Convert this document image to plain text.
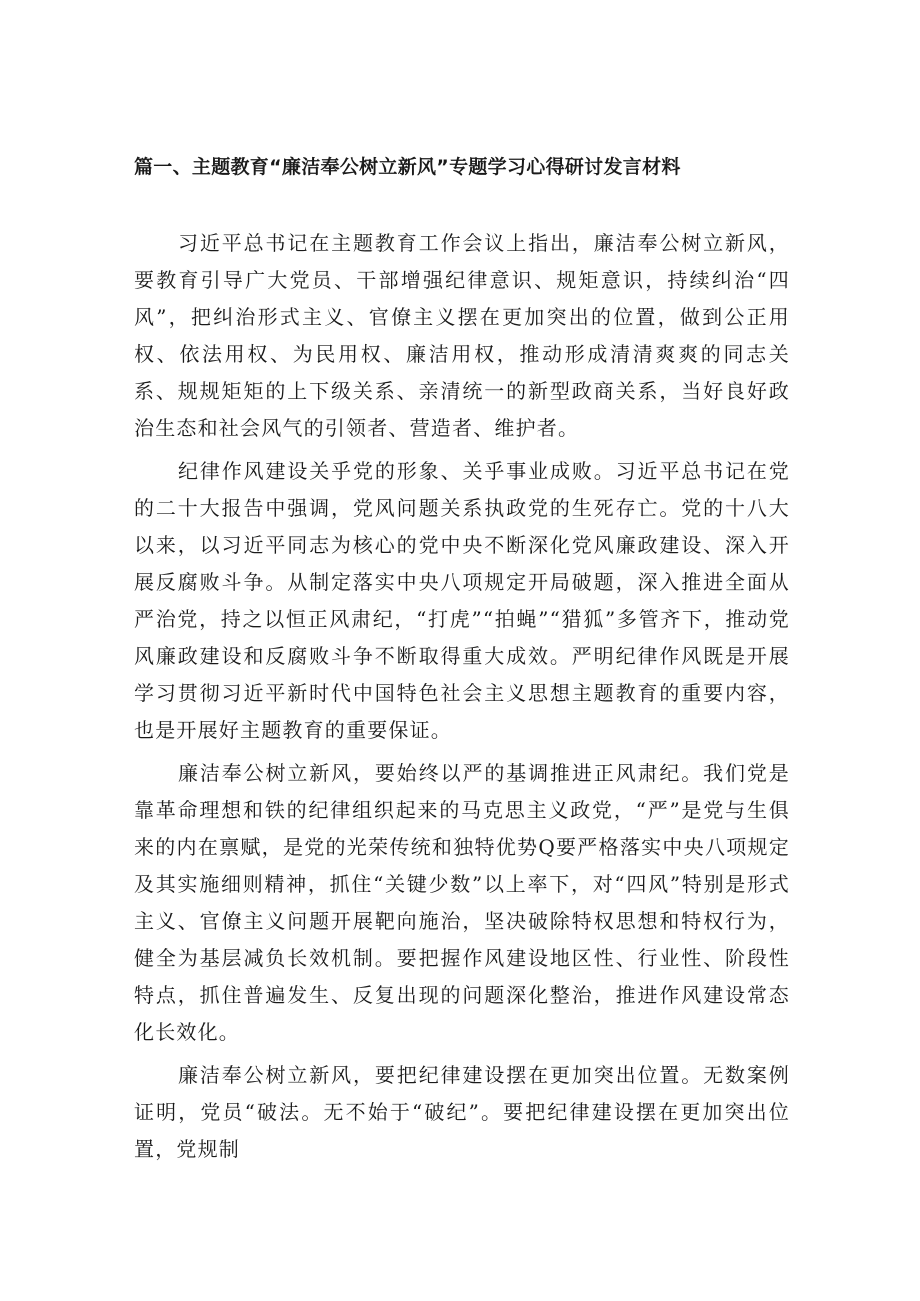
篇一、主题教育“廉洁奉公树立新风”专题学习心得研讨发言材料

习近平总书记在主题教育工作会议上指出，廉洁奉公树立新风，要教育引导广大党员、干部增强纪律意识、规矩意识，持续纠治“四风”，把纠治形式主义、官僚主义摆在更加突出的位置，做到公正用权、依法用权、为民用权、廉洁用权，推动形成清清爽爽的同志关系、规规矩矩的上下级关系、亲清统一的新型政商关系，当好良好政治生态和社会风气的引领者、营造者、维护者。

纪律作风建设关乎党的形象、关乎事业成败。习近平总书记在党的二十大报告中强调，党风问题关系执政党的生死存亡。党的十八大以来，以习近平同志为核心的党中央不断深化党风廉政建设、深入开展反腐败斗争。从制定落实中央八项规定开局破题，深入推进全面从严治党，持之以恒正风肃纪，“打虎”“拍蝇”“猎狐”多管齐下，推动党风廉政建设和反腐败斗争不断取得重大成效。严明纪律作风既是开展学习贯彻习近平新时代中国特色社会主义思想主题教育的重要内容，也是开展好主题教育的重要保证。

廉洁奉公树立新风，要始终以严的基调推进正风肃纪。我们党是靠革命理想和铁的纪律组织起来的马克思主义政党，“严”是党与生俱来的内在禀赋，是党的光荣传统和独特优势Q要严格落实中央八项规定及其实施细则精神，抓住“关键少数”以上率下，对“四风”特别是形式主义、官僚主义问题开展靶向施治，坚决破除特权思想和特权行为，健全为基层减负长效机制。要把握作风建设地区性、行业性、阶段性特点，抓住普遍发生、反复出现的问题深化整治，推进作风建设常态化长效化。

廉洁奉公树立新风，要把纪律建设摆在更加突出位置。无数案例证明，党员“破法。无不始于“破纪”。要把纪律建设摆在更加突出位置，党规制
